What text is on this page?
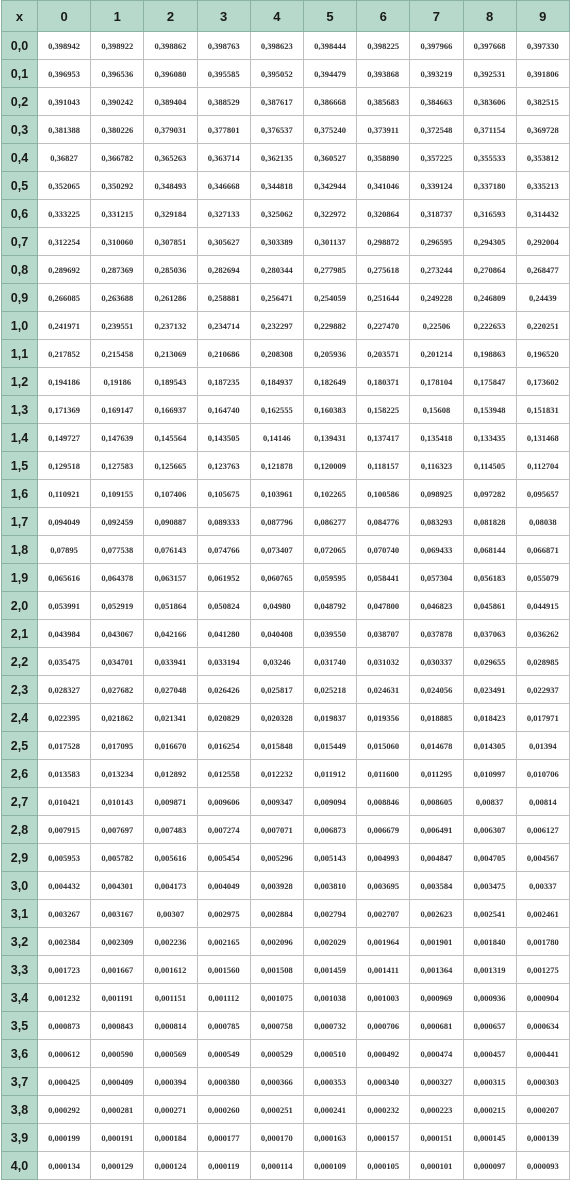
x	0	1	2	3	4	5	6	7	8	9
0,0	0,398942	0,398922	0,398862	0,398763	0,398623	0,398444	0,398225	0,397966	0,397668	0,397330
0,1	0,396953	0,396536	0,396080	0,395585	0,395052	0,394479	0,393868	0,393219	0,392531	0,391806
0,2	0,391043	0,390242	0,389404	0,388529	0,387617	0,386668	0,385683	0,384663	0,383606	0,382515
0,3	0,381388	0,380226	0,379031	0,377801	0,376537	0,375240	0,373911	0,372548	0,371154	0,369728
0,4	0,36827	0,366782	0,365263	0,363714	0,362135	0,360527	0,358890	0,357225	0,355533	0,353812
0,5	0,352065	0,350292	0,348493	0,346668	0,344818	0,342944	0,341046	0,339124	0,337180	0,335213
0,6	0,333225	0,331215	0,329184	0,327133	0,325062	0,322972	0,320864	0,318737	0,316593	0,314432
0,7	0,312254	0,310060	0,307851	0,305627	0,303389	0,301137	0,298872	0,296595	0,294305	0,292004
0,8	0,289692	0,287369	0,285036	0,282694	0,280344	0,277985	0,275618	0,273244	0,270864	0,268477
0,9	0,266085	0,263688	0,261286	0,258881	0,256471	0,254059	0,251644	0,249228	0,246809	0,24439
1,0	0,241971	0,239551	0,237132	0,234714	0,232297	0,229882	0,227470	0,22506	0,222653	0,220251
1,1	0,217852	0,215458	0,213069	0,210686	0,208308	0,205936	0,203571	0,201214	0,198863	0,196520
1,2	0,194186	0,19186	0,189543	0,187235	0,184937	0,182649	0,180371	0,178104	0,175847	0,173602
1,3	0,171369	0,169147	0,166937	0,164740	0,162555	0,160383	0,158225	0,15608	0,153948	0,151831
1,4	0,149727	0,147639	0,145564	0,143505	0,14146	0,139431	0,137417	0,135418	0,133435	0,131468
1,5	0,129518	0,127583	0,125665	0,123763	0,121878	0,120009	0,118157	0,116323	0,114505	0,112704
1,6	0,110921	0,109155	0,107406	0,105675	0,103961	0,102265	0,100586	0,098925	0,097282	0,095657
1,7	0,094049	0,092459	0,090887	0,089333	0,087796	0,086277	0,084776	0,083293	0,081828	0,08038
1,8	0,07895	0,077538	0,076143	0,074766	0,073407	0,072065	0,070740	0,069433	0,068144	0,066871
1,9	0,065616	0,064378	0,063157	0,061952	0,060765	0,059595	0,058441	0,057304	0,056183	0,055079
2,0	0,053991	0,052919	0,051864	0,050824	0,04980	0,048792	0,047800	0,046823	0,045861	0,044915
2,1	0,043984	0,043067	0,042166	0,041280	0,040408	0,039550	0,038707	0,037878	0,037063	0,036262
2,2	0,035475	0,034701	0,033941	0,033194	0,03246	0,031740	0,031032	0,030337	0,029655	0,028985
2,3	0,028327	0,027682	0,027048	0,026426	0,025817	0,025218	0,024631	0,024056	0,023491	0,022937
2,4	0,022395	0,021862	0,021341	0,020829	0,020328	0,019837	0,019356	0,018885	0,018423	0,017971
2,5	0,017528	0,017095	0,016670	0,016254	0,015848	0,015449	0,015060	0,014678	0,014305	0,01394
2,6	0,013583	0,013234	0,012892	0,012558	0,012232	0,011912	0,011600	0,011295	0,010997	0,010706
2,7	0,010421	0,010143	0,009871	0,009606	0,009347	0,009094	0,008846	0,008605	0,00837	0,00814
2,8	0,007915	0,007697	0,007483	0,007274	0,007071	0,006873	0,006679	0,006491	0,006307	0,006127
2,9	0,005953	0,005782	0,005616	0,005454	0,005296	0,005143	0,004993	0,004847	0,004705	0,004567
3,0	0,004432	0,004301	0,004173	0,004049	0,003928	0,003810	0,003695	0,003584	0,003475	0,00337
3,1	0,003267	0,003167	0,00307	0,002975	0,002884	0,002794	0,002707	0,002623	0,002541	0,002461
3,2	0,002384	0,002309	0,002236	0,002165	0,002096	0,002029	0,001964	0,001901	0,001840	0,001780
3,3	0,001723	0,001667	0,001612	0,001560	0,001508	0,001459	0,001411	0,001364	0,001319	0,001275
3,4	0,001232	0,001191	0,001151	0,001112	0,001075	0,001038	0,001003	0,000969	0,000936	0,000904
3,5	0,000873	0,000843	0,000814	0,000785	0,000758	0,000732	0,000706	0,000681	0,000657	0,000634
3,6	0,000612	0,000590	0,000569	0,000549	0,000529	0,000510	0,000492	0,000474	0,000457	0,000441
3,7	0,000425	0,000409	0,000394	0,000380	0,000366	0,000353	0,000340	0,000327	0,000315	0,000303
3,8	0,000292	0,000281	0,000271	0,000260	0,000251	0,000241	0,000232	0,000223	0,000215	0,000207
3,9	0,000199	0,000191	0,000184	0,000177	0,000170	0,000163	0,000157	0,000151	0,000145	0,000139
4,0	0,000134	0,000129	0,000124	0,000119	0,000114	0,000109	0,000105	0,000101	0,000097	0,000093
